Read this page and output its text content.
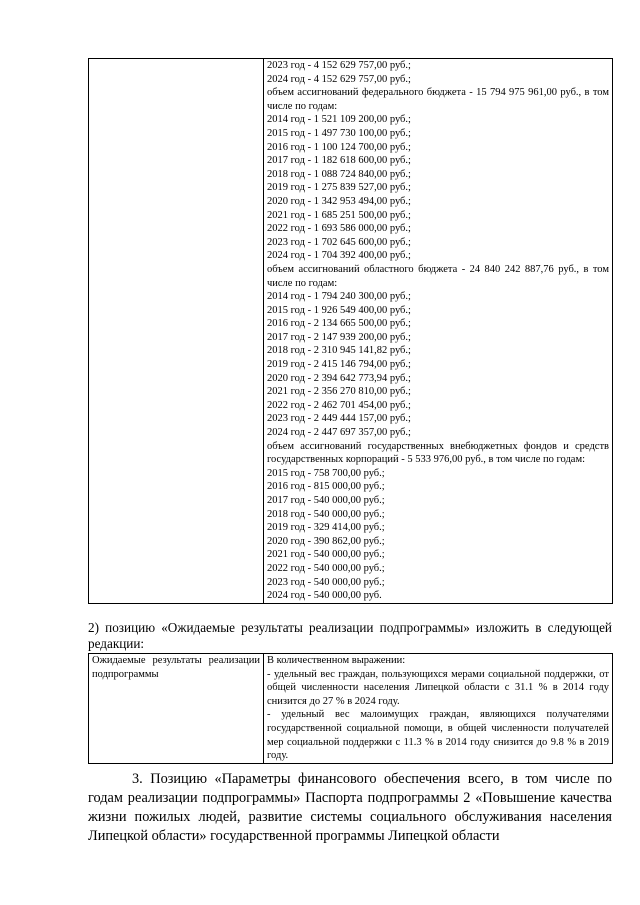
2023 год - 4 152 629 757,00 руб.;
2024 год - 4 152 629 757,00 руб.;
объем ассигнований федерального бюджета - 15 794 975 961,00 руб., в том числе по годам:
2014 год - 1 521 109 200,00 руб.;
2015 год - 1 497 730 100,00 руб.;
2016 год - 1 100 124 700,00 руб.;
2017 год - 1 182 618 600,00 руб.;
2018 год - 1 088 724 840,00 руб.;
2019 год - 1 275 839 527,00 руб.;
2020 год - 1 342 953 494,00 руб.;
2021 год - 1 685 251 500,00 руб.;
2022 год - 1 693 586 000,00 руб.;
2023 год - 1 702 645 600,00 руб.;
2024 год - 1 704 392 400,00 руб.;
объем ассигнований областного бюджета - 24 840 242 887,76 руб., в том числе по годам:
2014 год - 1 794 240 300,00 руб.;
2015 год - 1 926 549 400,00 руб.;
2016 год - 2 134 665 500,00 руб.;
2017 год - 2 147 939 200,00 руб.;
2018 год - 2 310 945 141,82 руб.;
2019 год - 2 415 146 794,00 руб.;
2020 год - 2 394 642 773,94 руб.;
2021 год - 2 356 270 810,00 руб.;
2022 год - 2 462 701 454,00 руб.;
2023 год - 2 449 444 157,00 руб.;
2024 год - 2 447 697 357,00 руб.;
объем ассигнований государственных внебюджетных фондов и средств государственных корпораций - 5 533 976,00 руб., в том числе по годам:
2015 год - 758 700,00 руб.;
2016 год - 815 000,00 руб.;
2017 год - 540 000,00 руб.;
2018 год - 540 000,00 руб.;
2019 год - 329 414,00 руб.;
2020 год - 390 862,00 руб.;
2021 год - 540 000,00 руб.;
2022 год - 540 000,00 руб.;
2023 год - 540 000,00 руб.;
2024 год - 540 000,00 руб.
2) позицию «Ожидаемые результаты реализации подпрограммы» изложить в следующей редакции:
Ожидаемые результаты реализации подпрограммы	
В количественном выражении:
- удельный вес граждан, пользующихся мерами социальной поддержки, от общей численности населения Липецкой области с 31.1 % в 2014 году снизится до 27 % в 2024 году.
- удельный вес малоимущих граждан, являющихся получателями государственной социальной помощи, в общей численности получателей мер социальной поддержки с 11.3 % в 2014 году снизится до 9.8 % в 2019 году.
3. Позицию «Параметры финансового обеспечения всего, в том числе по годам реализации подпрограммы» Паспорта подпрограммы 2 «Повышение качества жизни пожилых людей, развитие системы социального обслуживания населения Липецкой области» государственной программы Липецкой области
